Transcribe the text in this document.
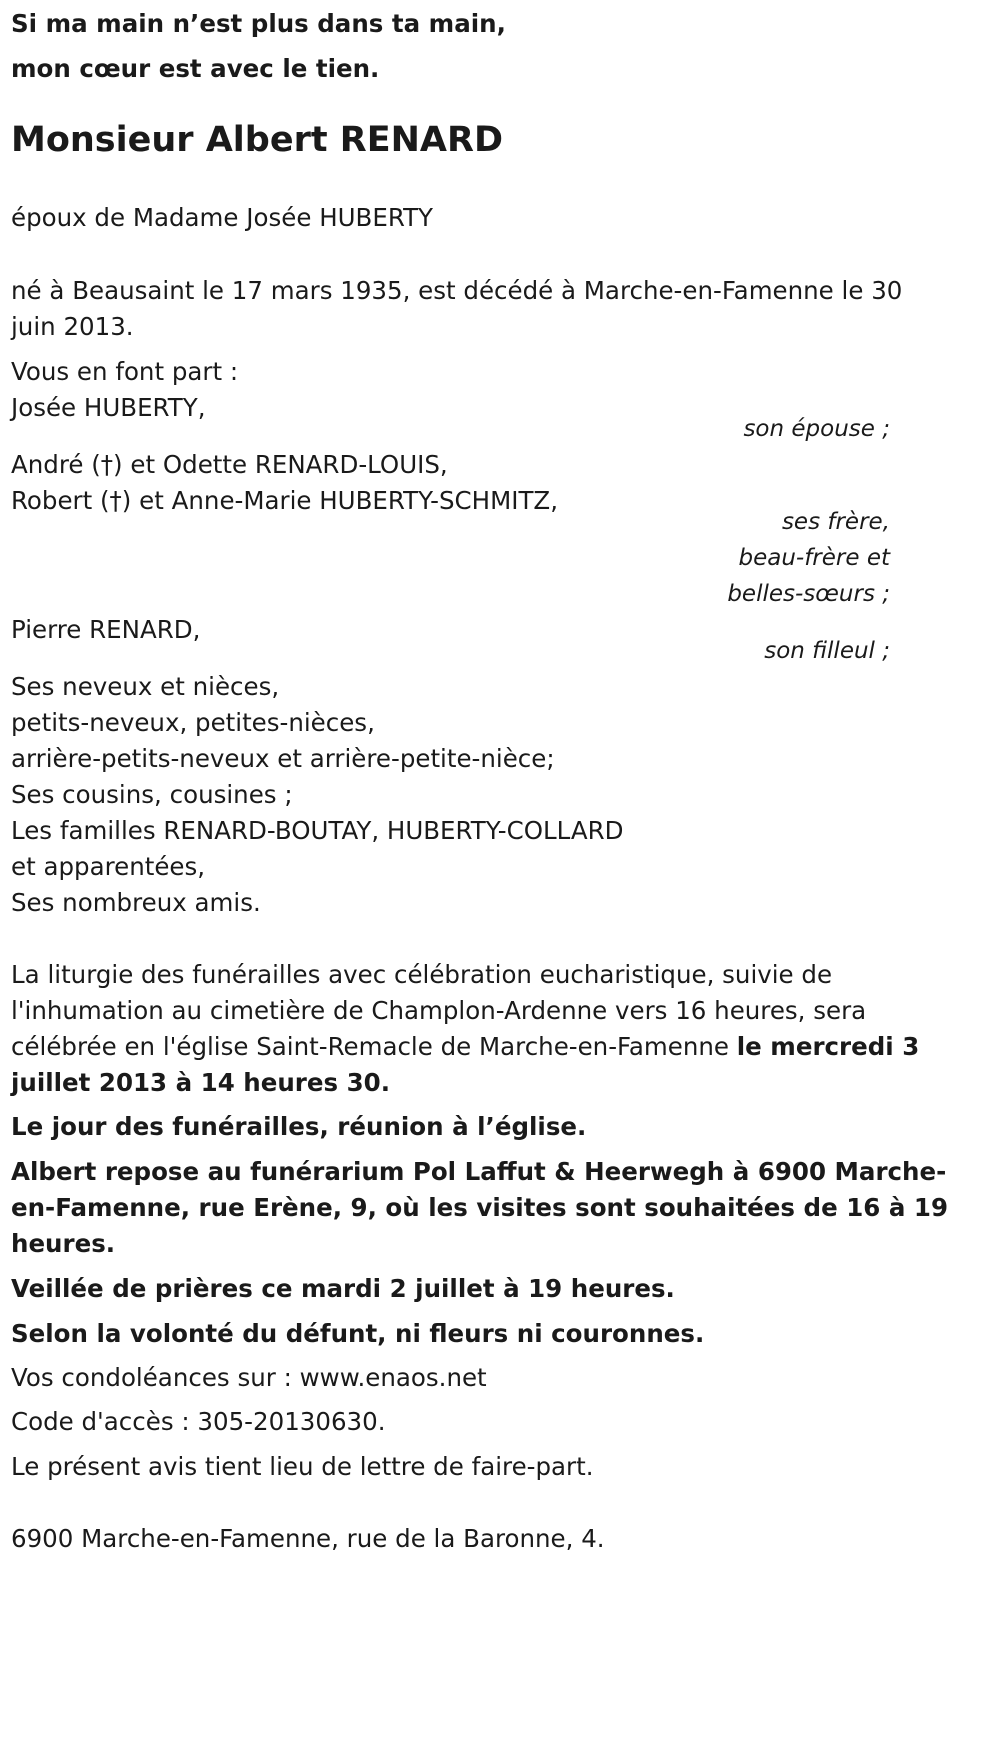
Si ma main n’est plus dans ta main,

mon cœur est avec le tien.

Monsieur Albert RENARD

époux de Madame Josée HUBERTY

né à Beausaint le 17 mars 1935, est décédé à Marche-en-Famenne le 30

juin 2013.

Vous en font part :

Josée HUBERTY,

son épouse ;

André (†) et Odette RENARD-LOUIS,

Robert (†) et Anne-Marie HUBERTY-SCHMITZ,

ses frère,

beau-frère et

belles-sœurs ;

Pierre RENARD,

son filleul ;

Ses neveux et nièces,

petits-neveux, petites-nièces,

arrière-petits-neveux et arrière-petite-nièce;

Ses cousins, cousines ;

Les familles RENARD-BOUTAY, HUBERTY-COLLARD

et apparentées,

Ses nombreux amis.

La liturgie des funérailles avec célébration eucharistique, suivie de

l'inhumation au cimetière de Champlon-Ardenne vers 16 heures, sera

célébrée en l'église Saint-Remacle de Marche-en-Famenne le mercredi 3

juillet 2013 à 14 heures 30.

Le jour des funérailles, réunion à l’église.

Albert repose au funérarium Pol Laffut & Heerwegh à 6900 Marche-

en-Famenne, rue Erène, 9, où les visites sont souhaitées de 16 à 19

heures.

Veillée de prières ce mardi 2 juillet à 19 heures.

Selon la volonté du défunt, ni fleurs ni couronnes.

Vos condoléances sur : www.enaos.net

Code d'accès : 305-20130630.

Le présent avis tient lieu de lettre de faire-part.

6900 Marche-en-Famenne, rue de la Baronne, 4.
